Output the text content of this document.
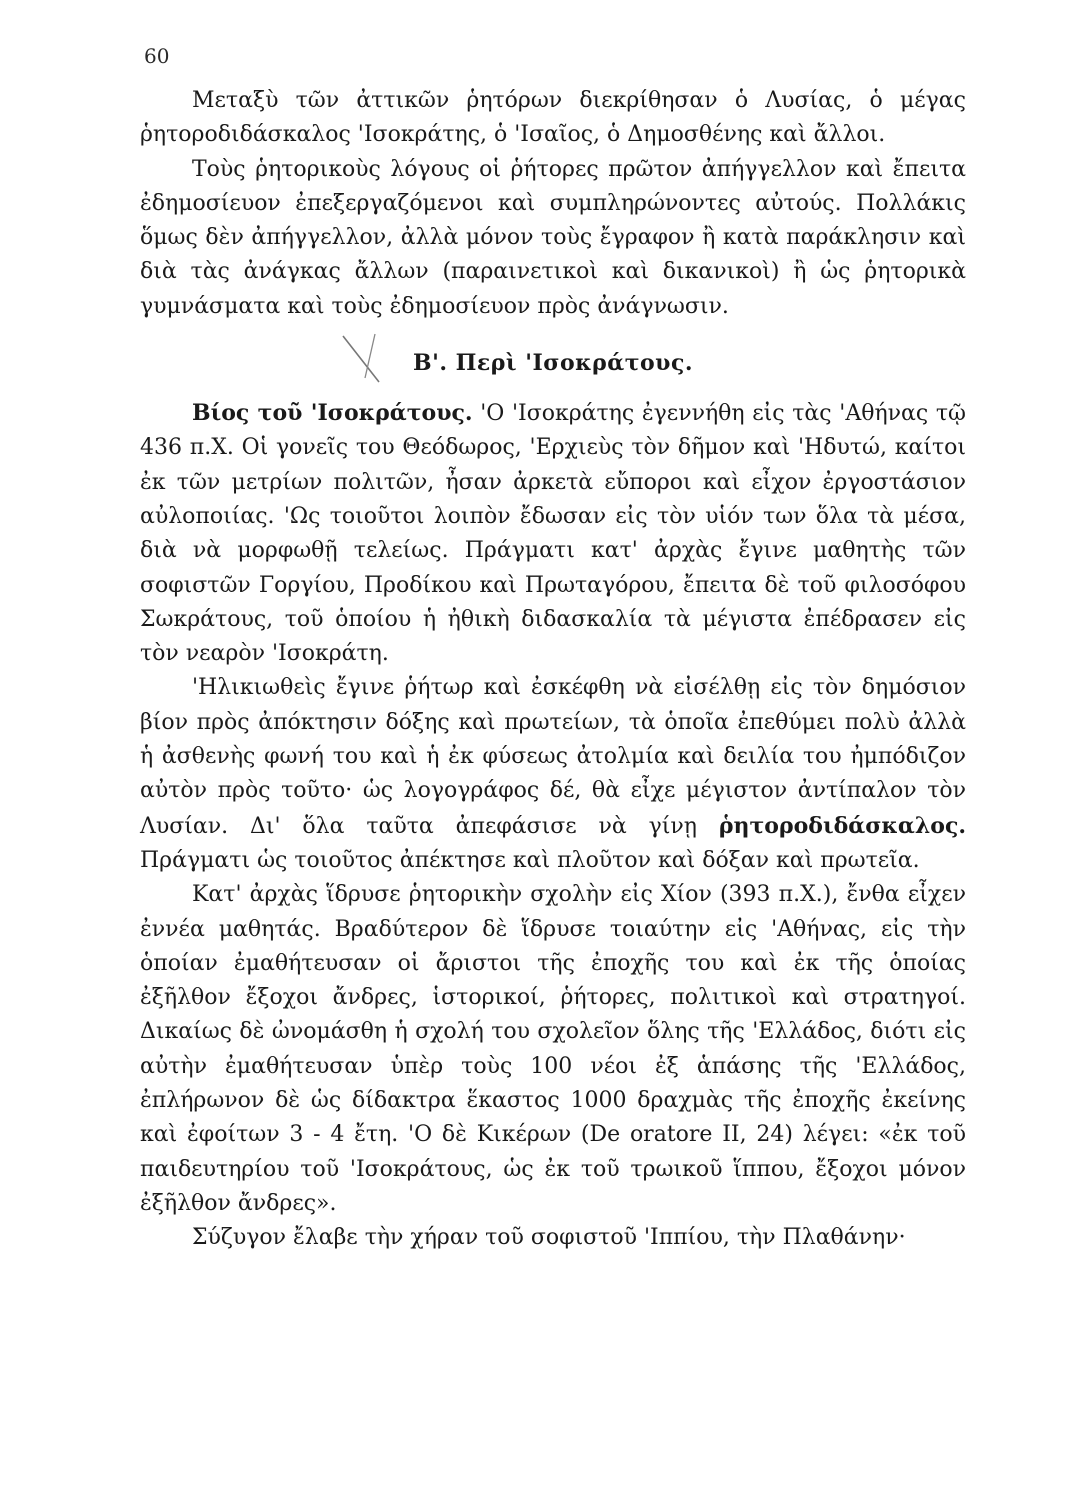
60

Μεταξὺ τῶν ἀττικῶν ῥητόρων διεκρίθησαν ὁ Λυσίας, ὁ μέγας ῥητοροδιδάσκαλος 'Ισοκράτης, ὁ 'Ισαῖος, ὁ Δημοσθένης καὶ ἄλλοι.

Τοὺς ῥητορικοὺς λόγους οἱ ῥήτορες πρῶτον ἀπήγγελλον καὶ ἔπειτα ἐδημοσίευον ἐπεξεργαζόμενοι καὶ συμπληρώνοντες αὐτούς. Πολλάκις ὅμως δὲν ἀπήγγελλον, ἀλλὰ μόνον τοὺς ἔγραφον ἢ κατὰ παράκλησιν καὶ διὰ τὰς ἀνάγκας ἄλλων (παραινετικοὶ καὶ δικανικοὶ) ἢ ὡς ῥητορικὰ γυμνάσματα καὶ τοὺς ἐδημοσίευον πρὸς ἀνάγνωσιν.

Β'. Περὶ 'Ισοκράτους.

Βίος τοῦ 'Ισοκράτους. 'Ο 'Ισοκράτης ἐγεννήθη εἰς τὰς 'Αθήνας τῷ 436 π.Χ. Οἱ γονεῖς του Θεόδωρος, 'Ερχιεὺς τὸν δῆμον καὶ 'Ηδυτώ, καίτοι ἐκ τῶν μετρίων πολιτῶν, ἦσαν ἀρκετὰ εὔποροι καὶ εἶχον ἐργοστάσιον αὐλοποιίας. 'Ως τοιοῦτοι λοιπὸν ἔδωσαν εἰς τὸν υἱόν των ὅλα τὰ μέσα, διὰ νὰ μορφωθῇ τελείως. Πράγματι κατ' ἀρχὰς ἔγινε μαθητὴς τῶν σοφιστῶν Γοργίου, Προδίκου καὶ Πρωταγόρου, ἔπειτα δὲ τοῦ φιλοσόφου Σωκράτους, τοῦ ὁποίου ἡ ἠθικὴ διδασκαλία τὰ μέγιστα ἐπέδρασεν εἰς τὸν νεαρὸν 'Ισοκράτη.

'Ηλικιωθεὶς ἔγινε ῥήτωρ καὶ ἐσκέφθη νὰ εἰσέλθῃ εἰς τὸν δημόσιον βίον πρὸς ἀπόκτησιν δόξης καὶ πρωτείων, τὰ ὁποῖα ἐπεθύμει πολὺ ἀλλὰ ἡ ἀσθενὴς φωνή του καὶ ἡ ἐκ φύσεως ἀτολμία καὶ δειλία του ἠμπόδιζον αὐτὸν πρὸς τοῦτο· ὡς λογογράφος δέ, θὰ εἶχε μέγιστον ἀντίπαλον τὸν Λυσίαν. Δι' ὅλα ταῦτα ἀπεφάσισε νὰ γίνῃ ῥητοροδιδάσκαλος. Πράγματι ὡς τοιοῦτος ἀπέκτησε καὶ πλοῦτον καὶ δόξαν καὶ πρωτεῖα.

Κατ' ἀρχὰς ἵδρυσε ῥητορικὴν σχολὴν εἰς Χίον (393 π.Χ.), ἔνθα εἶχεν ἐννέα μαθητάς. Βραδύτερον δὲ ἵδρυσε τοιαύτην εἰς 'Αθήνας, εἰς τὴν ὁποίαν ἐμαθήτευσαν οἱ ἄριστοι τῆς ἐποχῆς του καὶ ἐκ τῆς ὁποίας ἐξῆλθον ἔξοχοι ἄνδρες, ἱστορικοί, ῥήτορες, πολιτικοὶ καὶ στρατηγοί. Δικαίως δὲ ὠνομάσθη ἡ σχολή του σχολεῖον ὅλης τῆς 'Ελλάδος, διότι εἰς αὐτὴν ἐμαθήτευσαν ὑπὲρ τοὺς 100 νέοι ἐξ ἁπάσης τῆς 'Ελλάδος, ἐπλήρωνον δὲ ὡς δίδακτρα ἕκαστος 1000 δραχμὰς τῆς ἐποχῆς ἐκείνης καὶ ἐφοίτων 3 - 4 ἔτη. 'Ο δὲ Κικέρων (De oratore II, 24) λέγει: «ἐκ τοῦ παιδευτηρίου τοῦ 'Ισοκράτους, ὡς ἐκ τοῦ τρωικοῦ ἵππου, ἔξοχοι μόνον ἐξῆλθον ἄνδρες».

Σύζυγον ἔλαβε τὴν χήραν τοῦ σοφιστοῦ 'Ιππίου, τὴν Πλαθάνην·
